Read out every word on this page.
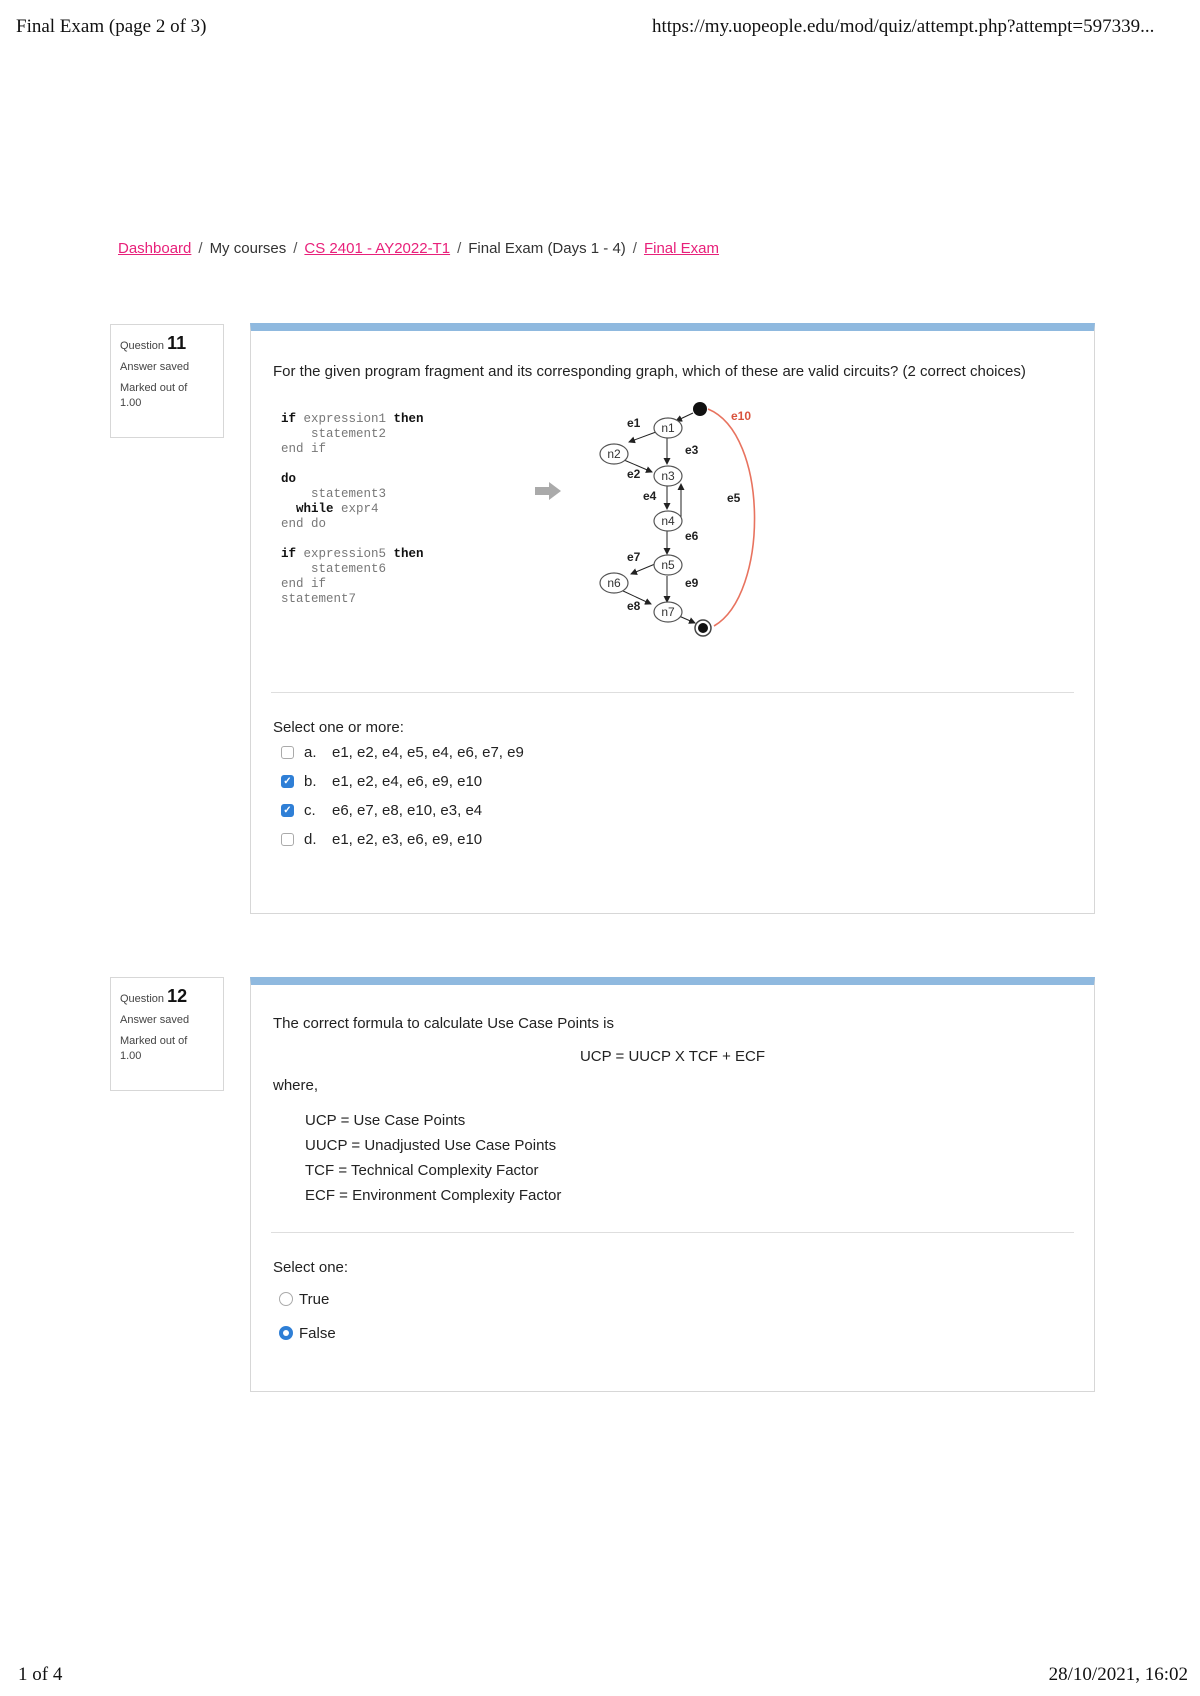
Final Exam (page 2 of 3)	https://my.uopeople.edu/mod/quiz/attempt.php?attempt=597339...
Dashboard / My courses / CS 2401 - AY2022-T1 / Final Exam (Days 1 - 4) / Final Exam
Question 11
Answer saved
Marked out of
1.00
For the given program fragment and its corresponding graph, which of these are valid circuits? (2 correct choices)
if expression1 then
statement2
end if

do
statement3
while expr4
end do

if expression5 then
statement6
end if
statement7
n1
n2
n3
n4
n5
n6
n7
e1
e2
e3
e4	e5
e6
e7
e8
e9
e10
Select one or more:
a.	e1, e2, e4, e5, e4, e6, e7, e9
✓
b.	e1, e2, e4, e6, e9, e10
✓
c.	e6, e7, e8, e10, e3, e4
d.	e1, e2, e3, e6, e9, e10
Question 12
Answer saved
Marked out of
1.00
The correct formula to calculate Use Case Points is
UCP = UUCP X TCF + ECF
where,
UCP = Use Case Points
UUCP = Unadjusted Use Case Points
TCF = Technical Complexity Factor
ECF = Environment Complexity Factor
Select one:
True
False
1 of 4	28/10/2021, 16:02
